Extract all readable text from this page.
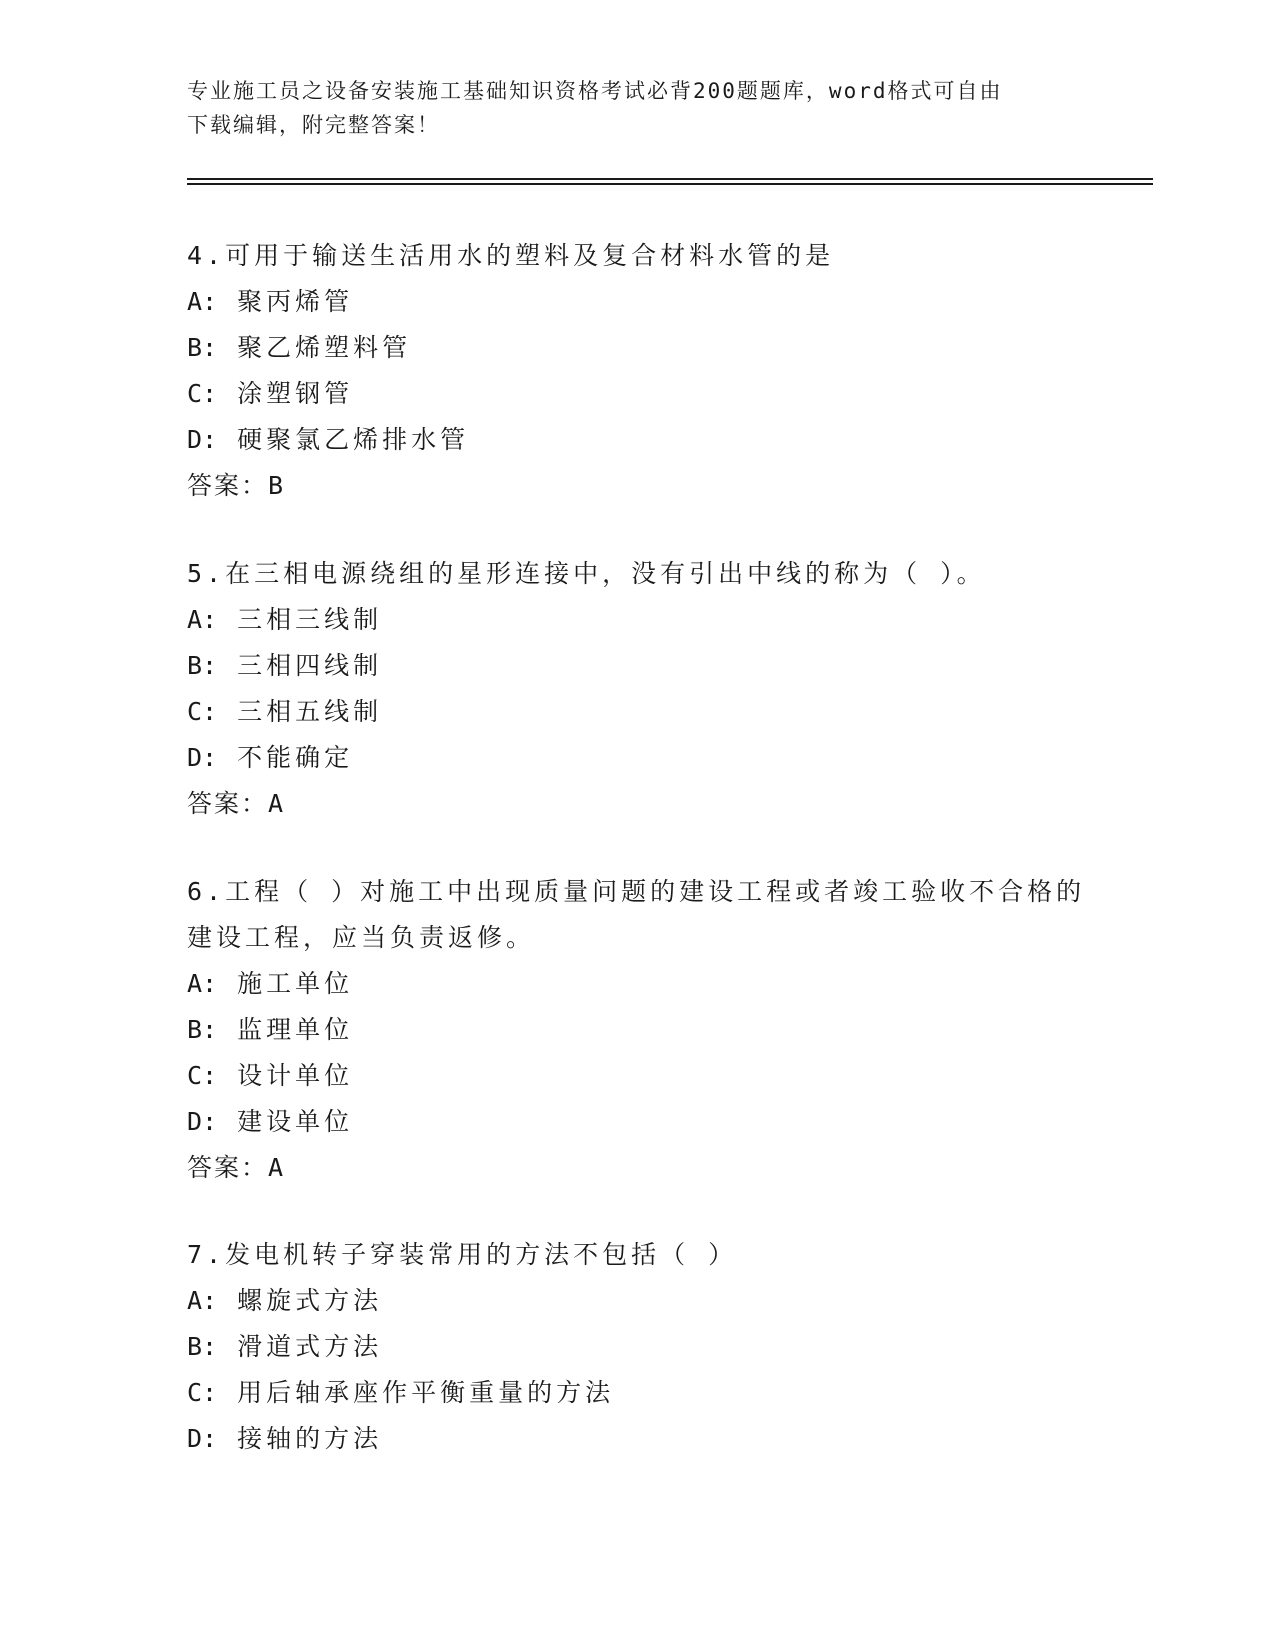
专业施工员之设备安装施工基础知识资格考试必背200题题库，word格式可自由
下载编辑，附完整答案！

4.可用于输送生活用水的塑料及复合材料水管的是

A: 聚丙烯管
B: 聚乙烯塑料管
C: 涂塑钢管
D: 硬聚氯乙烯排水管
答案：B

5.在三相电源绕组的星形连接中，没有引出中线的称为（ ）。

A: 三相三线制
B: 三相四线制
C: 三相五线制
D: 不能确定
答案：A

6.工程（ ）对施工中出现质量问题的建设工程或者竣工验收不合格的
建设工程，应当负责返修。

A: 施工单位
B: 监理单位
C: 设计单位
D: 建设单位
答案：A

7.发电机转子穿装常用的方法不包括（ ）

A: 螺旋式方法
B: 滑道式方法
C: 用后轴承座作平衡重量的方法
D: 接轴的方法
